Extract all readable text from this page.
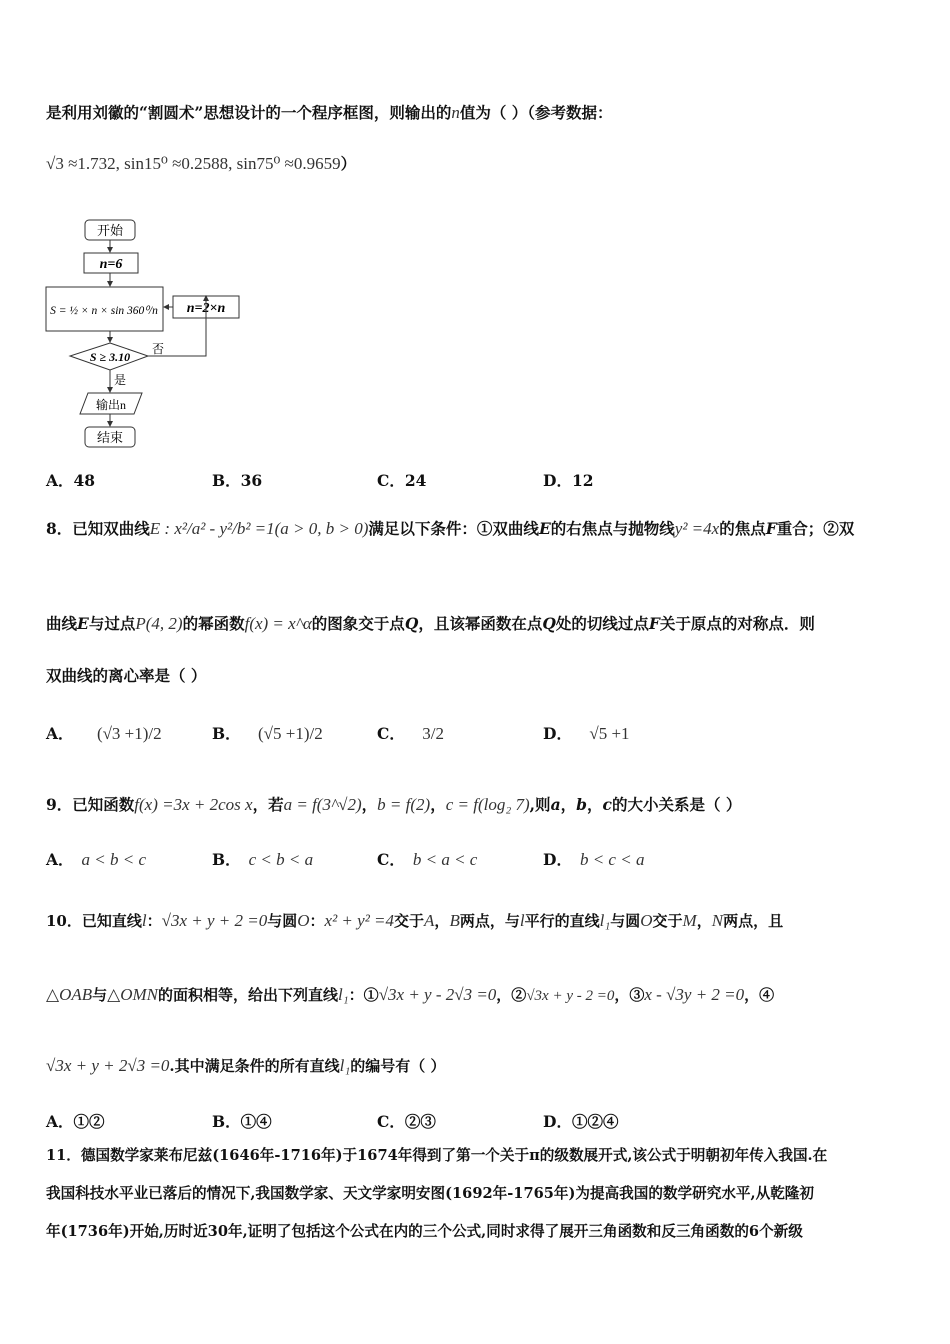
是利用刘徽的“割圆术”思想设计的一个程序框图，则输出的n值为（ ）（参考数据：
√3 ≈1.732, sin15⁰ ≈0.2588, sin75⁰ ≈0.9659）
开始
n=6
S = ½ × n × sin 360⁰/n n=2×n
S ≥ 3.10
否
是
输出n
结束
A．48	B．36	C．24	D．12
8．已知双曲线E : x²/a² - y²/b² =1(a > 0, b > 0)满足以下条件：①双曲线E的右焦点与抛物线y² =4x的焦点F重合；②双
曲线E与过点P(4, 2)的幂函数f(x) = x^α的图象交于点Q，且该幂函数在点Q处的切线过点F关于原点的对称点．则
双曲线的离心率是（ ）
A． (√3 +1)/2	B． (√5 +1)/2	C． 3/2	D． √5 +1
9．已知函数f(x) =3x + 2cos x，若a = f(3^√2)，b = f(2)，c = f(log₂ 7),则a，b，c的大小关系是（ ）
A． a < b < c	B． c < b < a	C． b < a < c	D． b < c < a
10．已知直线l：√3x + y + 2 =0与圆O：x² + y² =4交于A，B两点，与l平行的直线l₁与圆O交于M，N两点，且
△OAB与△OMN的面积相等，给出下列直线l₁：①√3x + y - 2√3 =0，②√3x + y - 2 =0，③x - √3y + 2 =0，④
√3x + y + 2√3 =0.其中满足条件的所有直线l₁的编号有（ ）
A．①②	B．①④	C．②③	D．①②④
11．德国数学家莱布尼兹(1646年-1716年)于1674年得到了第一个关于π的级数展开式,该公式于明朝初年传入我国.在
我国科技水平业已落后的情况下,我国数学家、天文学家明安图(1692年-1765年)为提高我国的数学研究水平,从乾隆初
年(1736年)开始,历时近30年,证明了包括这个公式在内的三个公式,同时求得了展开三角函数和反三角函数的6个新级
